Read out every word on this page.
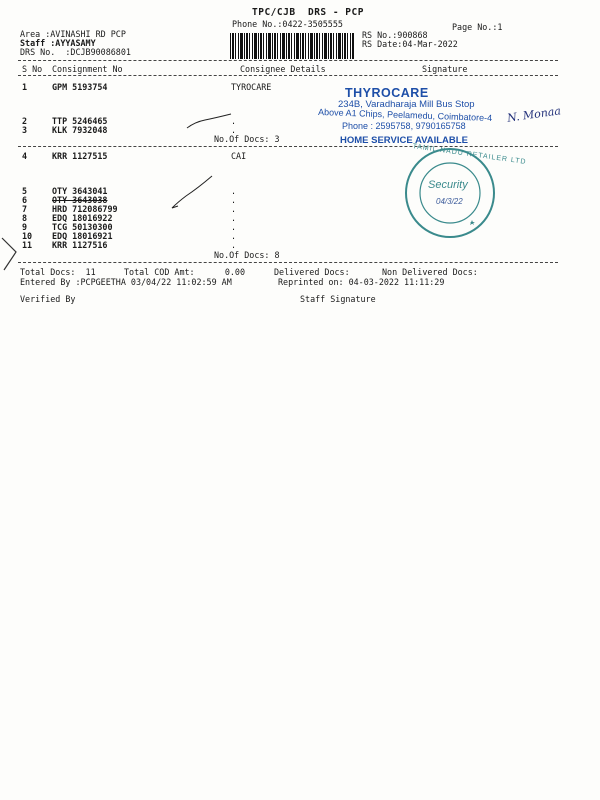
TPC/CJB  DRS - PCP
Phone No.:0422-3505555	Page No.:1
Area :AVINASHI RD PCP
Staff :AYYASAMY
DRS No.  :DCJB90086801
RS No.:900868
RS Date:04-Mar-2022
S No Consignment No	Consignee Details	Signature
1	GPM 5193754	TYROCARE
2	TTP 5246465
3	KLK 7932048
.
.
No.Of Docs: 3
4	KRR 1127515	CAI
5	OTY 3643041
6	OTY 3643038
7	HRD 712086799
8	EDQ 18016922
9	TCG 50130300
10 EDQ 18016921
11 KRR 1127516
.
.
.
.
.
.
.
No.Of Docs: 8
Total Docs:  11	Total COD Amt:      0.00	Delivered Docs:	Non Delivered Docs:
Entered By :PCPGEETHA 03/04/22 11:02:59 AM	Reprinted on: 04-03-2022 11:11:29
Verified By	Staff Signature
THYROCARE
234B, Varadharaja Mill Bus Stop
Above A1 Chips, Peelamedu, Coimbatore-4
Phone : 2595758, 9790165758
HOME SERVICE AVAILABLE
N. Monaa
TAMIL NADU RETAILER LTD
Security
04/3/22
